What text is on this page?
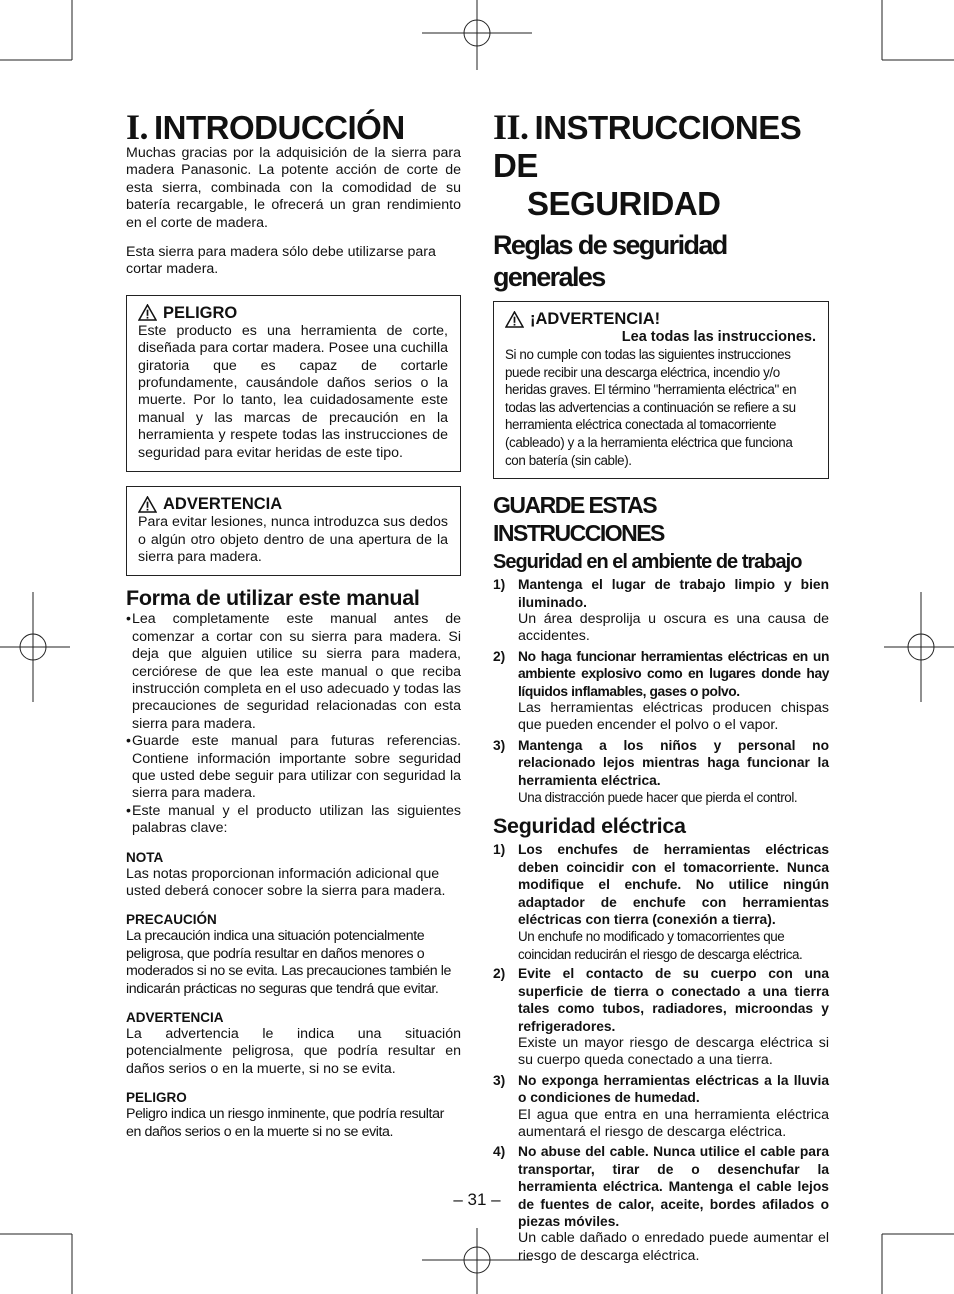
I. INTRODUCCIÓN

Muchas gracias por la adquisición de la sierra para madera Panasonic. La potente acción de corte de esta sierra, combinada con la comodidad de su batería recargable, le ofrecerá un gran rendimiento en el corte de madera.

Esta sierra para madera sólo debe utilizarse para cortar madera.

PELIGRO

Este producto es una herramienta de corte, diseñada para cortar madera. Posee una cuchilla giratoria que es capaz de cortarle profundamente, causándole daños serios o la muerte. Por lo tanto, lea cuidadosamente este manual y las marcas de precaución en la herramienta y respete todas las instrucciones de seguridad para evitar heridas de este tipo.

ADVERTENCIA

Para evitar lesiones, nunca introduzca sus dedos o algún otro objeto dentro de una apertura de la sierra para madera.

Forma de utilizar este manual
• Lea completamente este manual antes de comenzar a cortar con su sierra para madera. Si deja que alguien utilice su sierra para madera, cerciórese de que lea este manual o que reciba instrucción completa en el uso adecuado y todas las precauciones de seguridad relacionadas con esta sierra para madera.
• Guarde este manual para futuras referencias. Contiene información importante sobre seguridad que usted debe seguir para utilizar con seguridad la sierra para madera.
• Este manual y el producto utilizan las siguientes palabras clave:
NOTA

Las notas proporcionan información adicional que usted deberá conocer sobre la sierra para madera.

PRECAUCIÓN

La precaución indica una situación potencialmente peligrosa, que podría resultar en daños menores o moderados si no se evita. Las precauciones también le indicarán prácticas no seguras que tendrá que evitar.

ADVERTENCIA

La advertencia le indica una situación potencialmente peligrosa, que podría resultar en daños serios o en la muerte, si no se evita.

PELIGRO

Peligro indica un riesgo inminente, que podría resultar en daños serios o en la muerte si no se evita.

II. INSTRUCCIONES DE
SEGURIDAD
Reglas de seguridad generales
¡ADVERTENCIA!
Lea todas las instrucciones.

Si no cumple con todas las siguientes instrucciones puede recibir una descarga eléctrica, incendio y/o heridas graves. El término "herramienta eléctrica" en todas las advertencias a continuación se refiere a su herramienta eléctrica conectada al tomacorriente (cableado) y a la herramienta eléctrica que funciona con batería (sin cable).

GUARDE ESTAS INSTRUCCIONES
Seguridad en el ambiente de trabajo
1) Mantenga el lugar de trabajo limpio y bien iluminado.
Un área desprolija u oscura es una causa de accidentes.
2) No haga funcionar herramientas eléctricas en un ambiente explosivo como en lugares donde hay líquidos inflamables, gases o polvo.
Las herramientas eléctricas producen chispas que pueden encender el polvo o el vapor.
3) Mantenga a los niños y personal no relacionado lejos mientras haga funcionar la herramienta eléctrica.
Una distracción puede hacer que pierda el control.
Seguridad eléctrica
1) Los enchufes de herramientas eléctricas deben coincidir con el tomacorriente. Nunca modifique el enchufe. No utilice ningún adaptador de enchufe con herramientas eléctricas con tierra (conexión a tierra).
Un enchufe no modificado y tomacorrientes que coincidan reducirán el riesgo de descarga eléctrica.
2) Evite el contacto de su cuerpo con una superficie de tierra o conectado a una tierra tales como tubos, radiadores, microondas y refrigeradores.
Existe un mayor riesgo de descarga eléctrica si su cuerpo queda conectado a una tierra.
3) No exponga herramientas eléctricas a la lluvia o condiciones de humedad.
El agua que entra en una herramienta eléctrica aumentará el riesgo de descarga eléctrica.
4) No abuse del cable. Nunca utilice el cable para transportar, tirar de o desenchufar la herramienta eléctrica. Mantenga el cable lejos de fuentes de calor, aceite, bordes afilados o piezas móviles.
Un cable dañado o enredado puede aumentar el riesgo de descarga eléctrica.
– 31 –
